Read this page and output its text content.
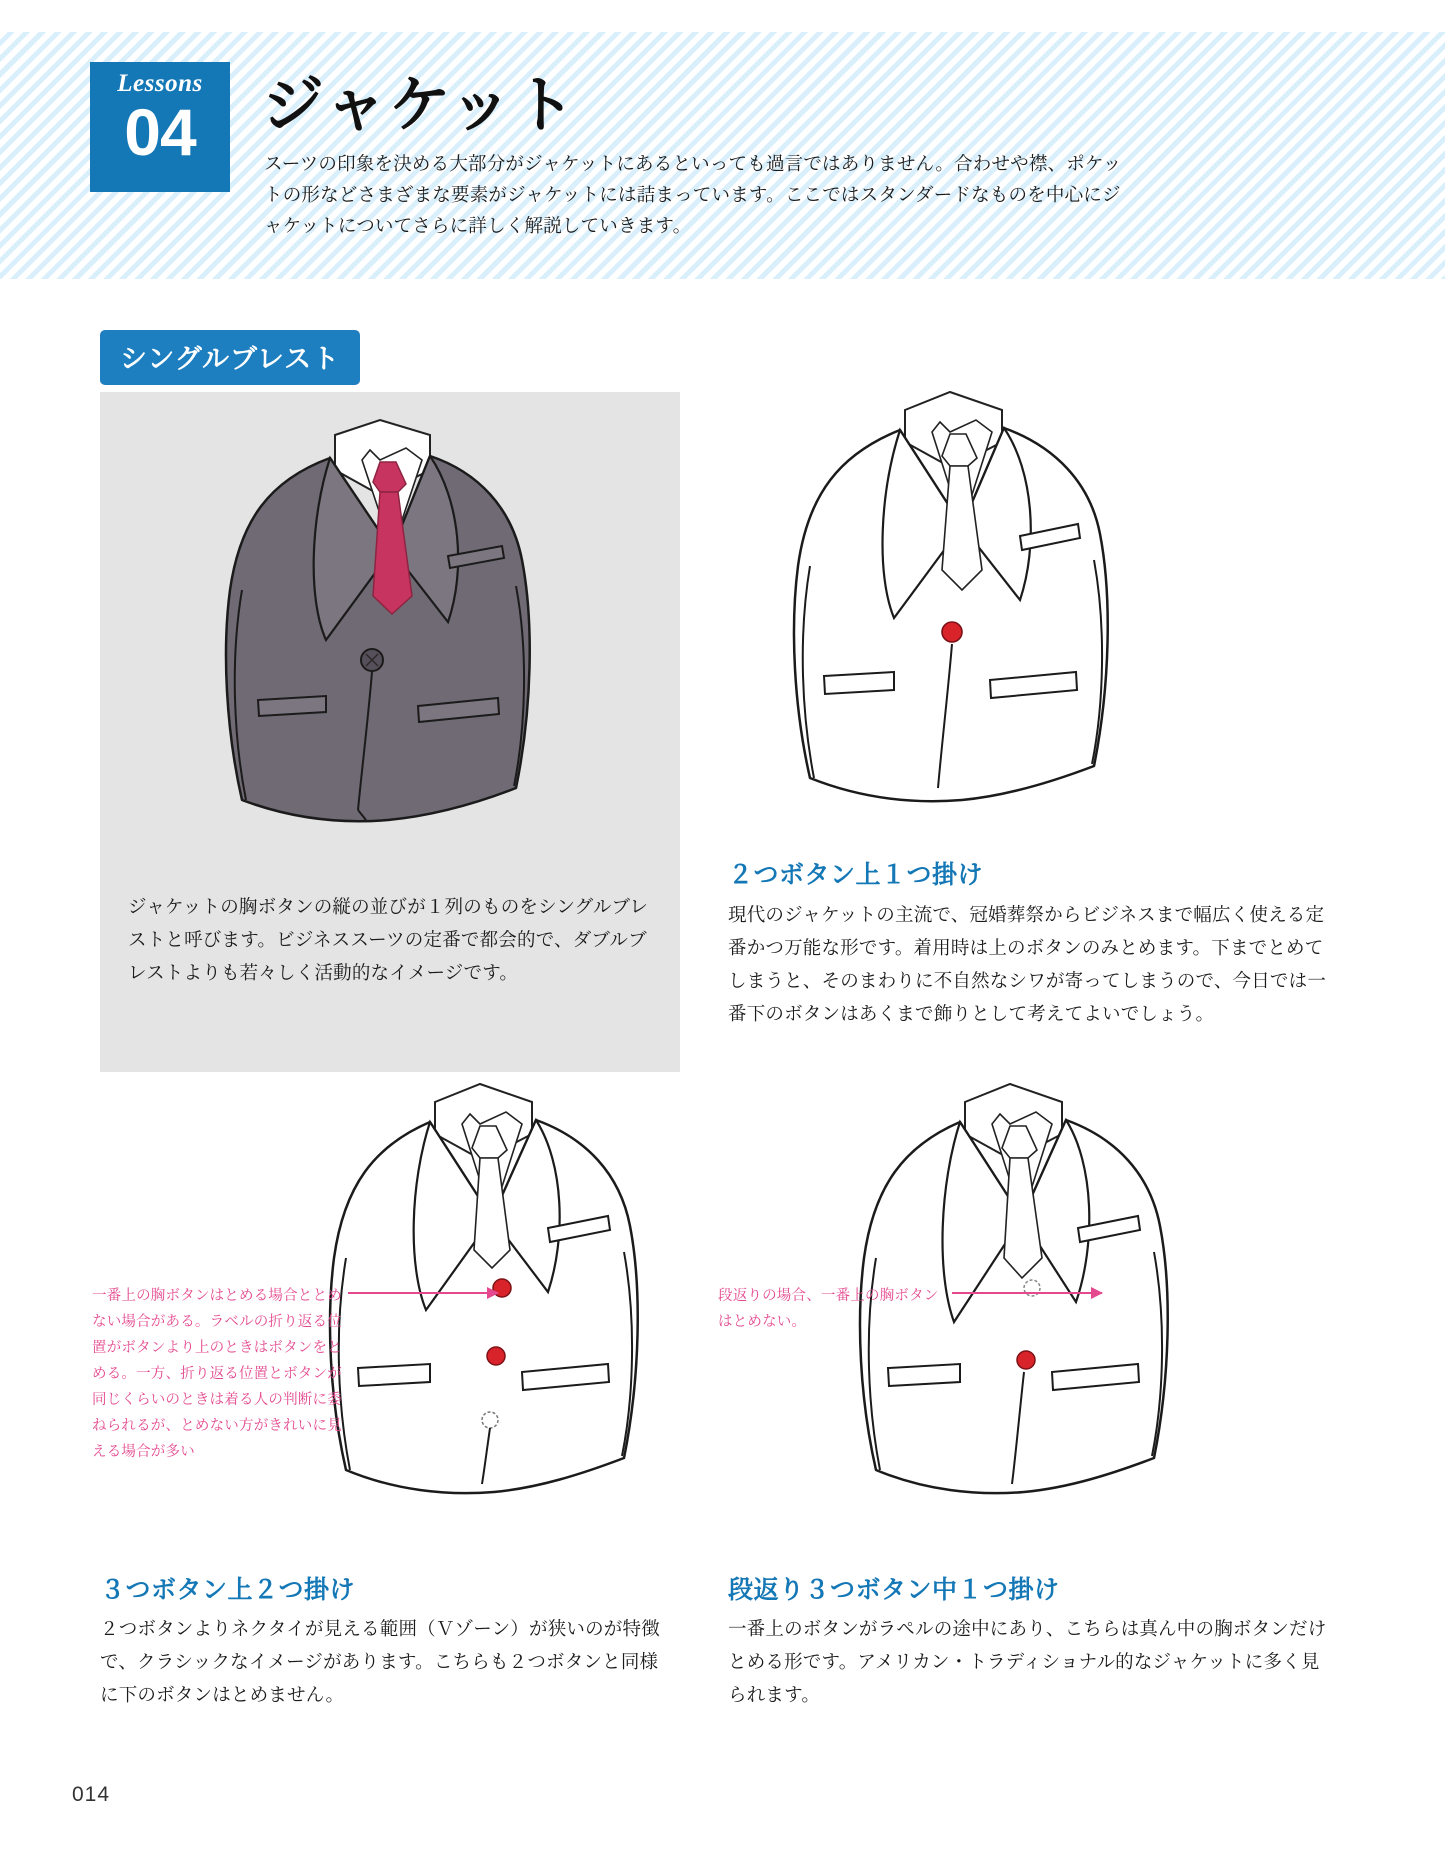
Lessons
04	ジャケット
スーツの印象を決める大部分がジャケットにあるといっても過言ではありません。合わせや襟、ポケットの形などさまざまな要素がジャケットには詰まっています。ここではスタンダードなものを中心にジャケットについてさらに詳しく解説していきます。
シングルブレスト
ジャケットの胸ボタンの縦の並びが１列のものをシングルブレストと呼びます。ビジネススーツの定番で都会的で、ダブルブレストよりも若々しく活動的なイメージです。
２つボタン上１つ掛け
現代のジャケットの主流で、冠婚葬祭からビジネスまで幅広く使える定番かつ万能な形です。着用時は上のボタンのみとめます。下までとめてしまうと、そのまわりに不自然なシワが寄ってしまうので、今日では一番下のボタンはあくまで飾りとして考えてよいでしょう。
一番上の胸ボタンはとめる場合ととめない場合がある。ラベルの折り返る位置がボタンより上のときはボタンをとめる。一方、折り返る位置とボタンが同じくらいのときは着る人の判断に委ねられるが、とめない方がきれいに見える場合が多い
３つボタン上２つ掛け
２つボタンよりネクタイが見える範囲（Ｖゾーン）が狭いのが特徴で、クラシックなイメージがあります。こちらも２つボタンと同様に下のボタンはとめません。
段返りの場合、一番上の胸ボタンはとめない。
段返り３つボタン中１つ掛け
一番上のボタンがラペルの途中にあり、こちらは真ん中の胸ボタンだけとめる形です。アメリカン・トラディショナル的なジャケットに多く見られます。
014
